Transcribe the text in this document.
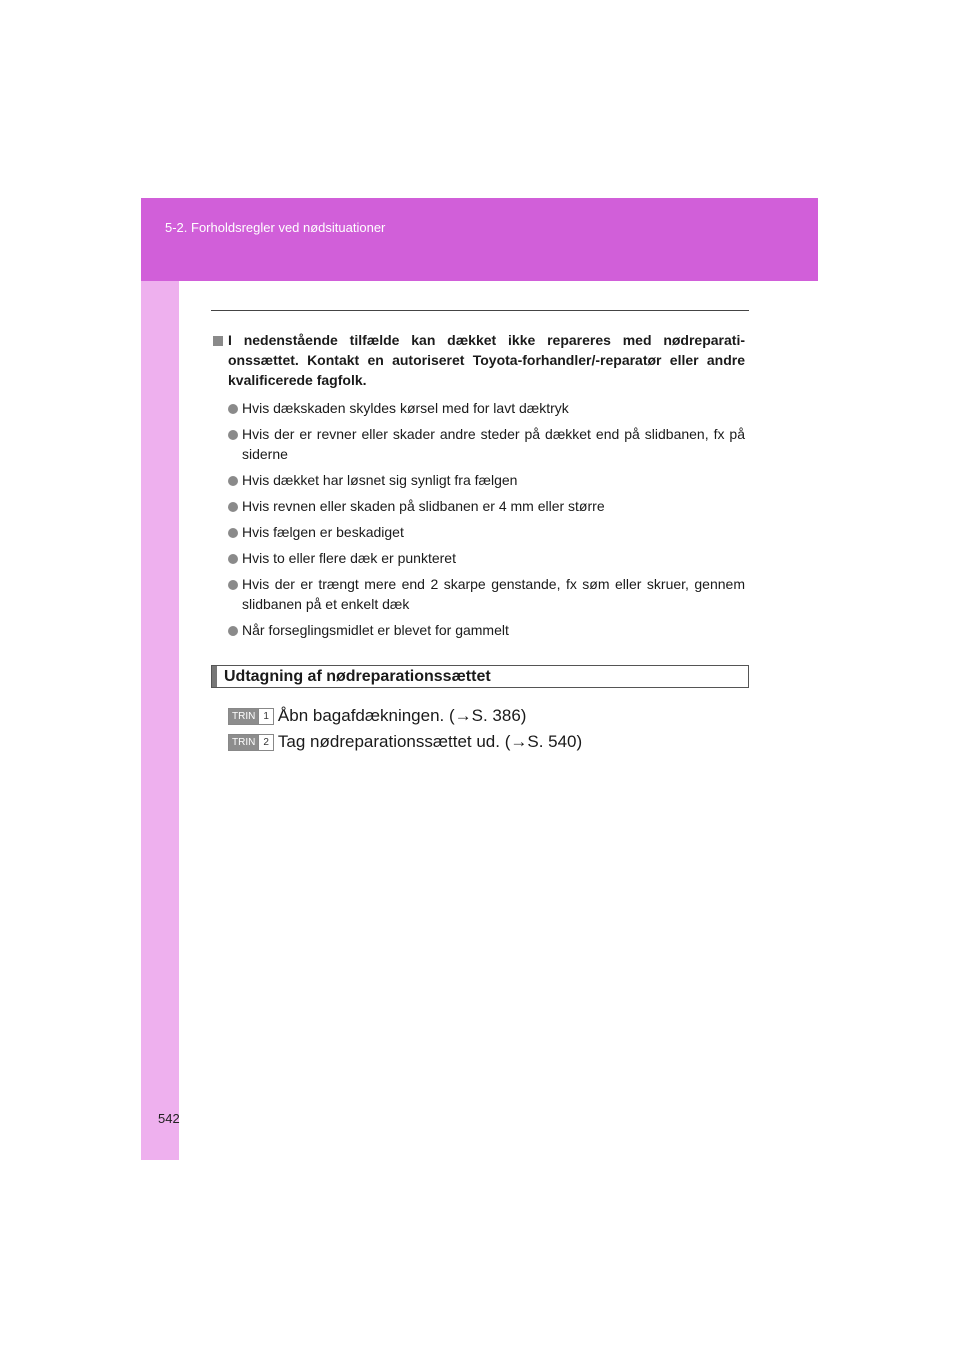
5-2. Forholdsregler ved nødsituationer
I nedenstående tilfælde kan dækket ikke repareres med nødreparati-onssættet. Kontakt en autoriseret Toyota-forhandler/-reparatør eller andre kvalificerede fagfolk.
Hvis dækskaden skyldes kørsel med for lavt dæktryk
Hvis der er revner eller skader andre steder på dækket end på slidbanen, fx på siderne
Hvis dækket har løsnet sig synligt fra fælgen
Hvis revnen eller skaden på slidbanen er 4 mm eller større
Hvis fælgen er beskadiget
Hvis to eller flere dæk er punkteret
Hvis der er trængt mere end 2 skarpe genstande, fx søm eller skruer, gennem slidbanen på et enkelt dæk
Når forseglingsmidlet er blevet for gammelt
Udtagning af nødreparationssættet
TRIN 1 Åbn bagafdækningen. (→S. 386)
TRIN 2 Tag nødreparationssættet ud. (→S. 540)
542
